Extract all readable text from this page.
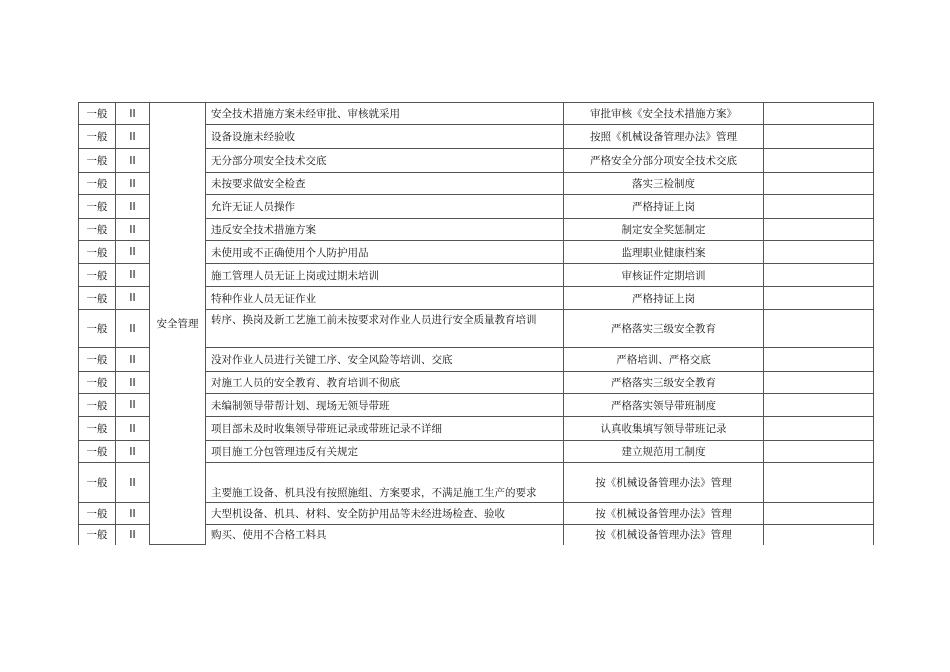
一般	II	安全管理	安全技术措施方案未经审批、审核就采用	审批审核《安全技术措施方案》	
一般	II		设备设施未经验收	按照《机械设备管理办法》管理	
一般	II		无分部分项安全技术交底	严格安全分部分项安全技术交底	
一般	II		未按要求做安全检查	落实三检制度	
一般	II		允许无证人员操作	严格持证上岗	
一般	II		违反安全技术措施方案	制定安全奖惩制定	
一般	II		未使用或不正确使用个人防护用品	监理职业健康档案	
一般	II		施工管理人员无证上岗或过期未培训	审核证件定期培训	
一般	II		特种作业人员无证作业	严格持证上岗	
一般	II		转序、换岗及新工艺施工前未按要求对作业人员进行安全质量教育培训	严格落实三级安全教育	
一般	II		没对作业人员进行关键工序、安全风险等培训、交底	严格培训、严格交底	
一般	II		对施工人员的安全教育、教育培训不彻底	严格落实三级安全教育	
一般	II		未编制领导带帮计划、现场无领导带班	严格落实领导带班制度	
一般	II		项目部未及时收集领导带班记录或带班记录不详细	认真收集填写领导带班记录	
一般	II		项目施工分包管理违反有关规定	建立规范用工制度	
一般	II		主要施工设备、机具没有按照施组、方案要求，不满足施工生产的要求	按《机械设备管理办法》管理	
一般	II		大型机设备、机具、材料、安全防护用品等未经进场检查、验收	按《机械设备管理办法》管理	
一般	II		购买、使用不合格工料具	按《机械设备管理办法》管理	
